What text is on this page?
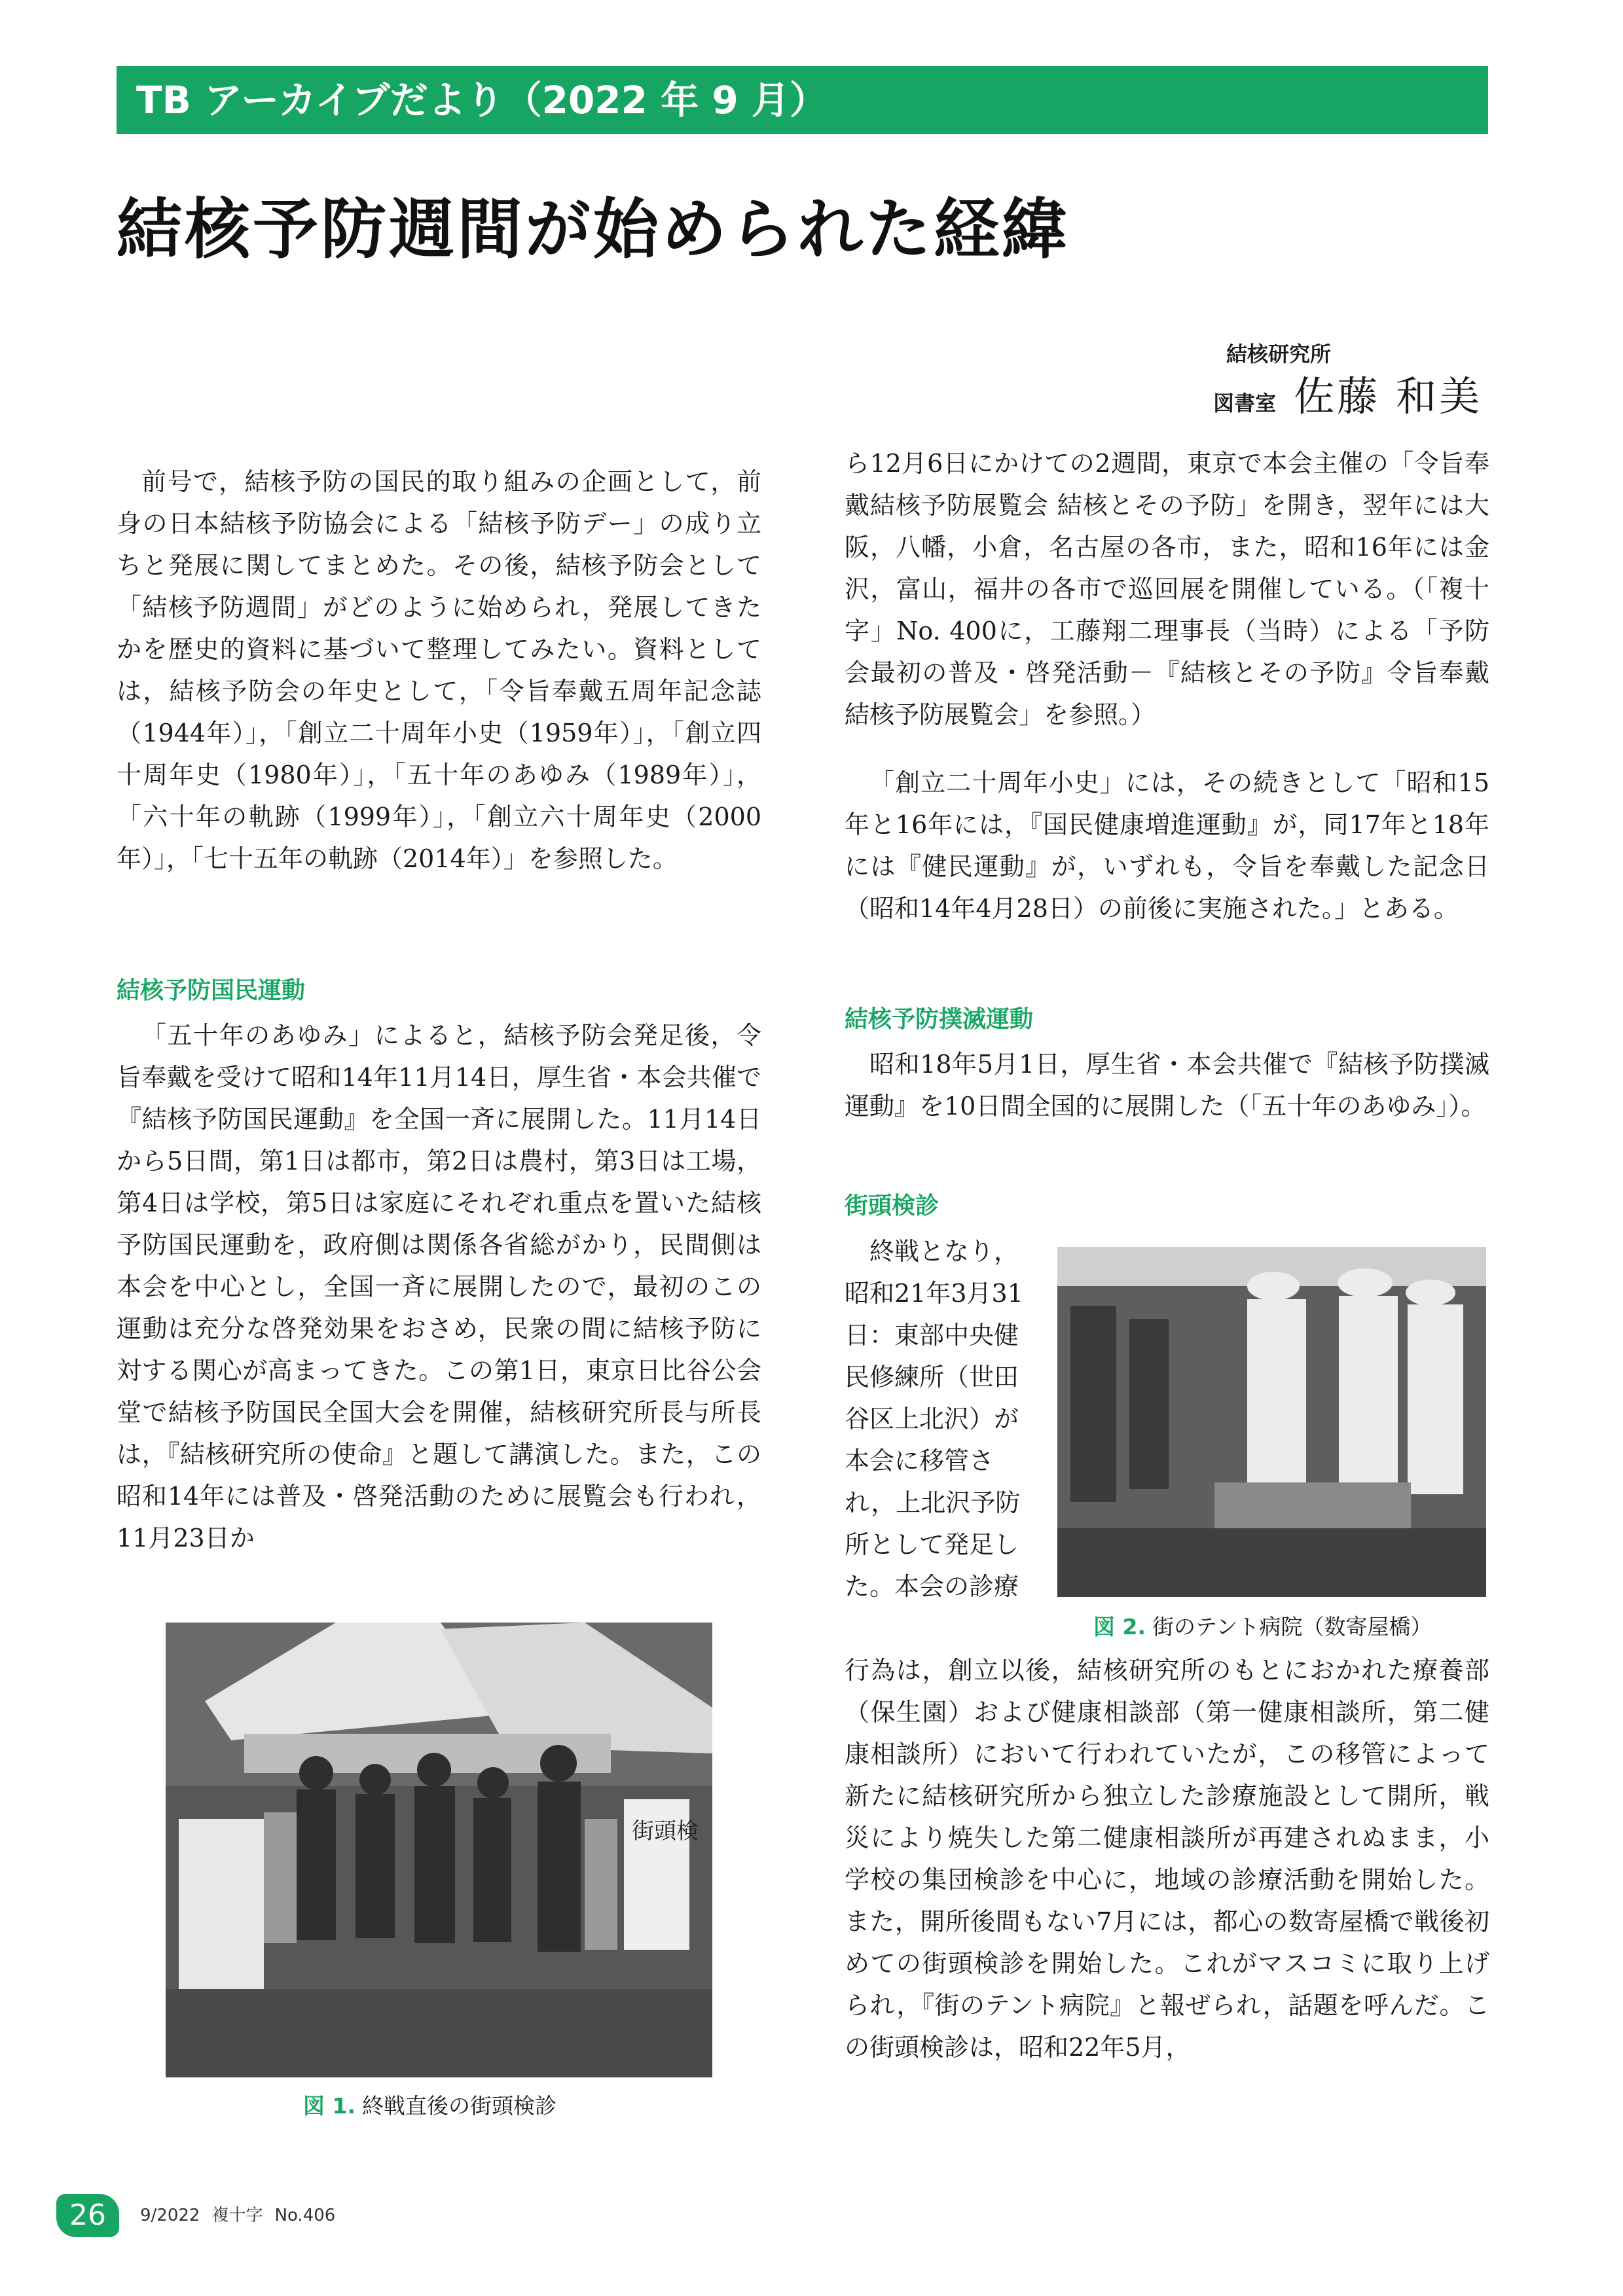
TB アーカイブだより（2022 年 9 月）
結核予防週間が始められた経緯
結核研究所
図書室 佐藤 和美

前号で，結核予防の国民的取り組みの企画として，前身の日本結核予防協会による「結核予防デー」の成り立ちと発展に関してまとめた。その後，結核予防会として「結核予防週間」がどのように始められ，発展してきたかを歴史的資料に基づいて整理してみたい。資料としては，結核予防会の年史として，「令旨奉戴五周年記念誌（1944年）」，「創立二十周年小史（1959年）」，「創立四十周年史（1980年）」，「五十年のあゆみ（1989年）」，「六十年の軌跡（1999年）」，「創立六十周年史（2000年）」，「七十五年の軌跡（2014年）」を参照した。

結核予防国民運動

「五十年のあゆみ」によると，結核予防会発足後，令旨奉戴を受けて昭和14年11月14日，厚生省・本会共催で『結核予防国民運動』を全国一斉に展開した。11月14日から5日間，第1日は都市，第2日は農村，第3日は工場，第4日は学校，第5日は家庭にそれぞれ重点を置いた結核予防国民運動を，政府側は関係各省総がかり，民間側は本会を中心とし，全国一斉に展開したので，最初のこの運動は充分な啓発効果をおさめ，民衆の間に結核予防に対する関心が高まってきた。この第1日，東京日比谷公会堂で結核予防国民全国大会を開催，結核研究所長与所長は，『結核研究所の使命』と題して講演した。また，この昭和14年には普及・啓発活動のために展覧会も行われ，11月23日か

街頭検
図 1. 終戦直後の街頭検診

ら12月6日にかけての2週間，東京で本会主催の「令旨奉戴結核予防展覧会 結核とその予防」を開き，翌年には大阪，八幡，小倉，名古屋の各市，また，昭和16年には金沢，富山，福井の各市で巡回展を開催している。（「複十字」No. 400に，工藤翔二理事長（当時）による「予防会最初の普及・啓発活動－『結核とその予防』令旨奉戴結核予防展覧会」を参照。）

「創立二十周年小史」には，その続きとして「昭和15年と16年には，『国民健康増進運動』が，同17年と18年には『健民運動』が，いずれも，令旨を奉戴した記念日（昭和14年4月28日）の前後に実施された。」とある。

結核予防撲滅運動

昭和18年5月1日，厚生省・本会共催で『結核予防撲滅運動』を10日間全国的に展開した（「五十年のあゆみ」）。

街頭検診

終戦となり，
昭和21年3月31
日：東部中央健
民修練所（世田
谷区上北沢）が
本会に移管さ
れ，上北沢予防
所として発足し
た。本会の診療
図 2. 街のテント病院（数寄屋橋）

行為は，創立以後，結核研究所のもとにおかれた療養部（保生園）および健康相談部（第一健康相談所，第二健康相談所）において行われていたが，この移管によって新たに結核研究所から独立した診療施設として開所，戦災により焼失した第二健康相談所が再建されぬまま，小学校の集団検診を中心に，地域の診療活動を開始した。また，開所後間もない7月には，都心の数寄屋橋で戦後初めての街頭検診を開始した。これがマスコミに取り上げられ，『街のテント病院』と報ぜられ，話題を呼んだ。この街頭検診は，昭和22年5月，

26	9/2022 複十字 No.406
